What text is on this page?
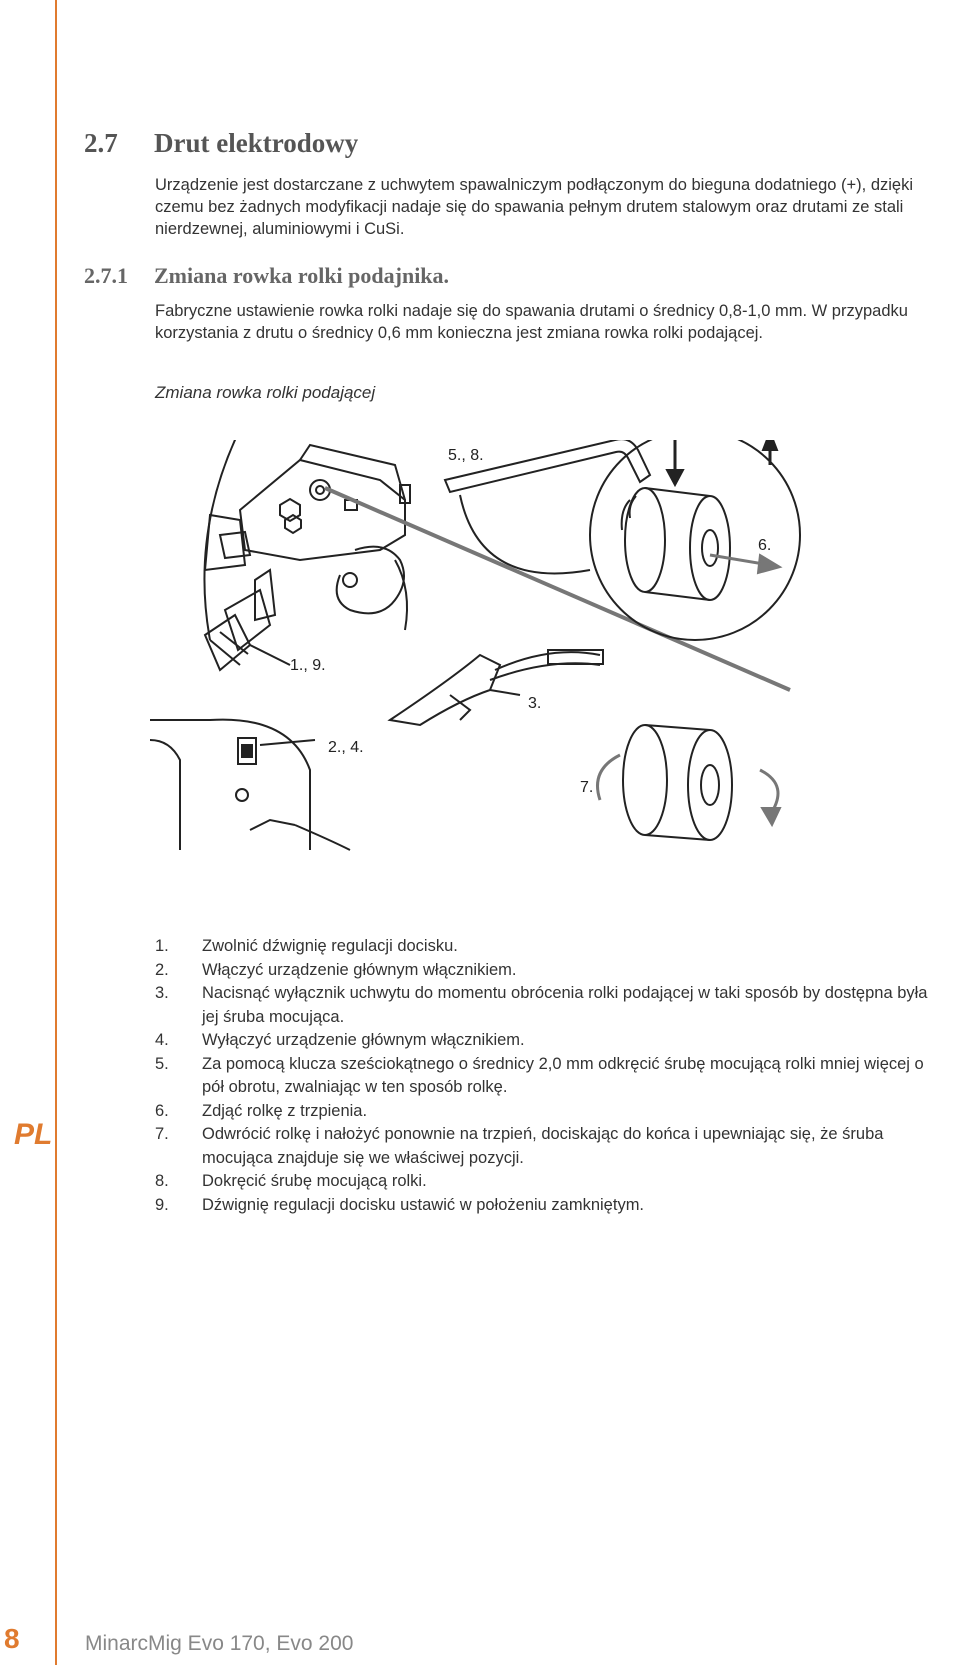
PL
2.7 Drut elektrodowy
Urządzenie jest dostarczane z uchwytem spawalniczym podłączonym do bieguna dodatniego (+), dzięki czemu bez żadnych modyfikacji nadaje się do spawania pełnym drutem stalowym oraz drutami ze stali nierdzewnej, aluminiowymi i CuSi.
2.7.1 Zmiana rowka rolki podajnika.
Fabryczne ustawienie rowka rolki nadaje się do spawania drutami o średnicy 0,8-1,0 mm. W przypadku korzystania z drutu o średnicy 0,6 mm konieczna jest zmiana rowka rolki podającej.
Zmiana rowka rolki podającej
5., 8.
6.
1., 9.
3.
2., 4.
7.
1. Zwolnić dźwignię regulacji docisku.
2. Włączyć urządzenie głównym włącznikiem.
3. Nacisnąć wyłącznik uchwytu do momentu obrócenia rolki podającej w taki sposób by dostępna była jej śruba mocująca.
4. Wyłączyć urządzenie głównym włącznikiem.
5. Za pomocą klucza sześciokątnego o średnicy 2,0 mm odkręcić śrubę mocującą rolki mniej więcej o pół obrotu, zwalniając w ten sposób rolkę.
6. Zdjąć rolkę z trzpienia.
7. Odwrócić rolkę i nałożyć ponownie na trzpień, dociskając do końca i upewniając się, że śruba mocująca znajduje się we właściwej pozycji.
8. Dokręcić śrubę mocującą rolki.
9. Dźwignię regulacji docisku ustawić w położeniu zamkniętym.
8	MinarcMig Evo 170, Evo 200
